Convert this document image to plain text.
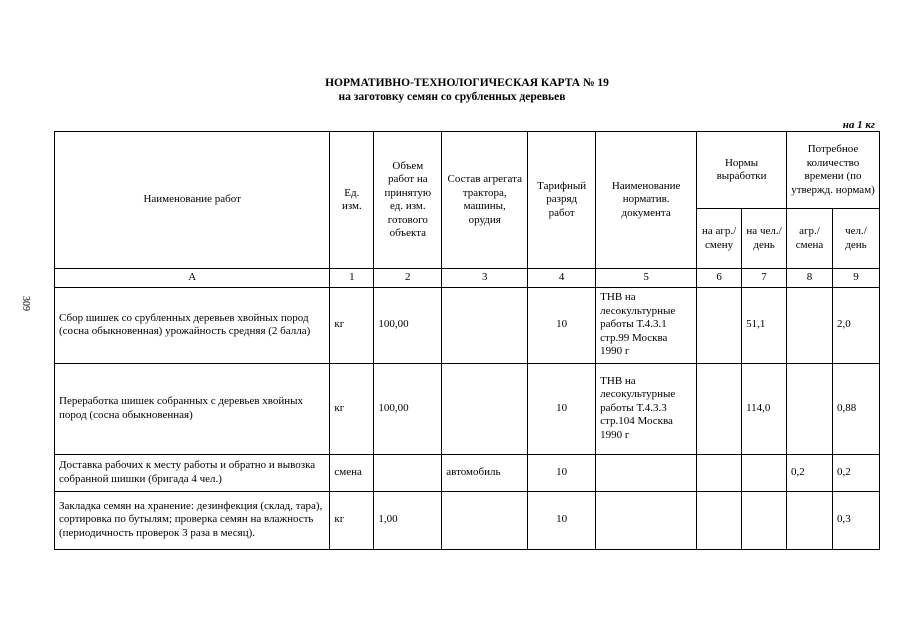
НОРМАТИВНО-ТЕХНОЛОГИЧЕСКАЯ КАРТА № 19
на заготовку семян со срубленных деревьев
на 1 кг
309
Наименование работ	Ед. изм.	Объем работ на принятую ед. изм. готового объекта	Состав агрегата трактора, машины, орудия	Тарифный разряд работ	Наименование норматив. документа	Нормы выработки		Потребное количество времени (по утвержд. нормам)	
						на агр./ смену	на чел./ день	агр./ смена	чел./ день
А	1	2	3	4	5	6	7	8	9
Сбор шишек со срубленных деревьев хвойных пород (сосна обыкновенная) урожайность средняя (2 балла)	кг	100,00		10	ТНВ на лесокультурные работы Т.4.3.1 стр.99 Москва 1990 г		51,1		2,0
Переработка шишек собранных с деревьев хвойных пород (сосна обыкновенная)	кг	100,00		10	ТНВ на лесокультурные работы Т.4.3.3 стр.104 Москва 1990 г		114,0		0,88
Доставка рабочих к месту работы и обратно и вывозка собранной шишки (бригада 4 чел.)	смена		автомобиль	10				0,2	0,2
Закладка семян на хранение: дезинфекция (склад, тара), сортировка по бутылям; проверка семян на влажность (периодичность проверок 3 раза в месяц).	кг	1,00		10					0,3
